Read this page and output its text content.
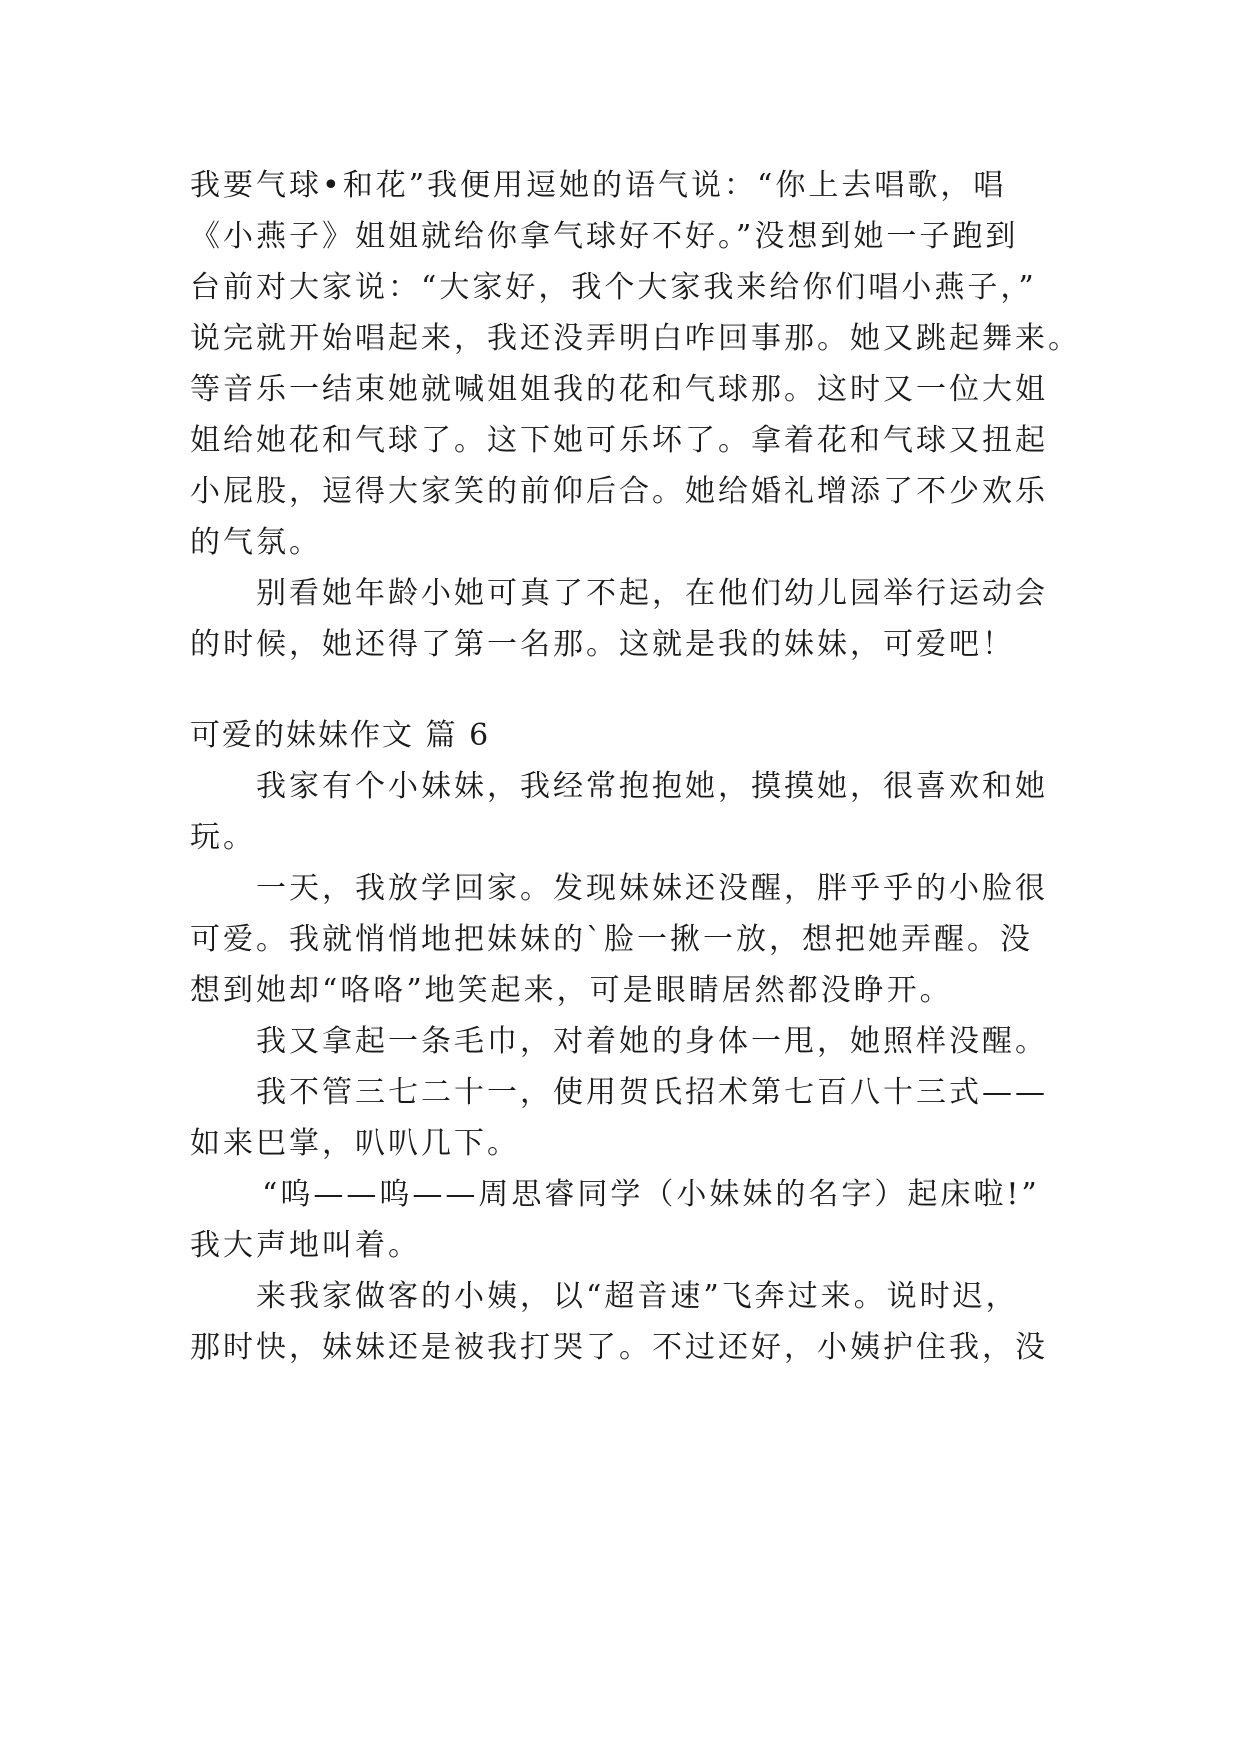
我要气球•和花”我便用逗她的语气说：“你上去唱歌，唱
《小燕子》姐姐就给你拿气球好不好。”没想到她一子跑到
台前对大家说：“大家好，我个大家我来给你们唱小燕子，”
说完就开始唱起来，我还没弄明白咋回事那。她又跳起舞来。
等音乐一结束她就喊姐姐我的花和气球那。这时又一位大姐
姐给她花和气球了。这下她可乐坏了。拿着花和气球又扭起
小屁股，逗得大家笑的前仰后合。她给婚礼增添了不少欢乐
的气氛。
别看她年龄小她可真了不起，在他们幼儿园举行运动会
的时候，她还得了第一名那。这就是我的妹妹，可爱吧！
可爱的妹妹作文 篇 6
我家有个小妹妹，我经常抱抱她，摸摸她，很喜欢和她
玩。
一天，我放学回家。发现妹妹还没醒，胖乎乎的小脸很
可爱。我就悄悄地把妹妹的`脸一揪一放，想把她弄醒。没
想到她却“咯咯”地笑起来，可是眼睛居然都没睁开。
我又拿起一条毛巾，对着她的身体一甩，她照样没醒。
我不管三七二十一，使用贺氏招术第七百八十三式——
如来巴掌，叭叭几下。
“呜——呜——周思睿同学（小妹妹的名字）起床啦!”
我大声地叫着。
来我家做客的小姨，以“超音速”飞奔过来。说时迟，
那时快，妹妹还是被我打哭了。不过还好，小姨护住我，没
